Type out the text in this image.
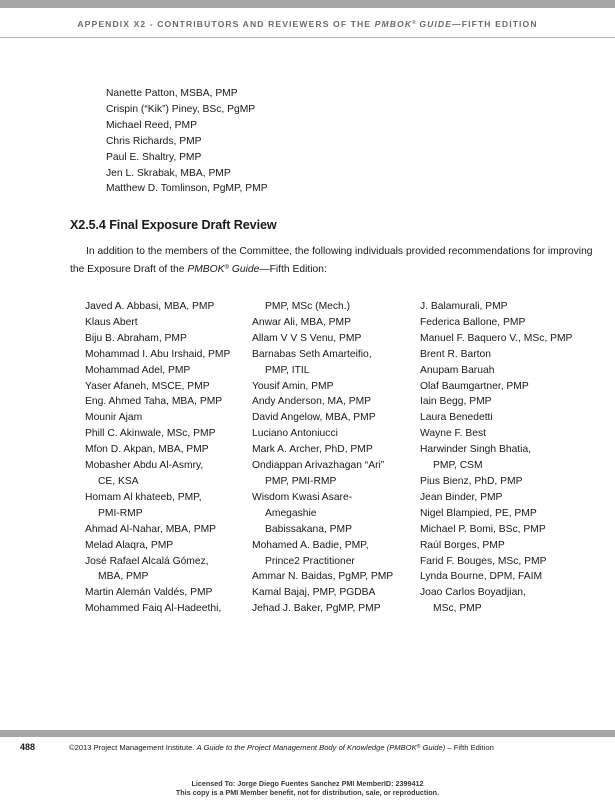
APPENDIX X2 - CONTRIBUTORS AND REVIEWERS OF THE PMBOK® GUIDE—FIFTH EDITION
Nanette Patton, MSBA, PMP
Crispin (“Kik”) Piney, BSc, PgMP
Michael Reed, PMP
Chris Richards, PMP
Paul E. Shaltry, PMP
Jen L. Skrabak, MBA, PMP
Matthew D. Tomlinson, PgMP, PMP
X2.5.4 Final Exposure Draft Review
In addition to the members of the Committee, the following individuals provided recommendations for improving
the Exposure Draft of the PMBOK® Guide—Fifth Edition:
Javed A. Abbasi, MBA, PMP
Klaus Abert
Biju B. Abraham, PMP
Mohammad I. Abu Irshaid, PMP
Mohammad Adel, PMP
Yaser Afaneh, MSCE, PMP
Eng. Ahmed Taha, MBA, PMP
Mounir Ajam
Phill C. Akinwale, MSc, PMP
Mfon D. Akpan, MBA, PMP
Mobasher Abdu Al-Asmry,
CE, KSA
Homam Al khateeb, PMP,
PMI-RMP
Ahmad Al-Nahar, MBA, PMP
Melad Alaqra, PMP
José Rafael Alcalá Gómez,
MBA, PMP
Martin Alemán Valdés, PMP
Mohammed Faiq Al-Hadeethi,
PMP, MSc (Mech.)
Anwar Ali, MBA, PMP
Allam V V S Venu, PMP
Barnabas Seth Amarteifio,
PMP, ITIL
Yousif Amin, PMP
Andy Anderson, MA, PMP
David Angelow, MBA, PMP
Luciano Antoniucci
Mark A. Archer, PhD, PMP
Ondiappan Arivazhagan “Ari”
PMP, PMI-RMP
Wisdom Kwasi Asare-
Amegashie
Babissakana, PMP
Mohamed A. Badie, PMP,
Prince2 Practitioner
Ammar N. Baidas, PgMP, PMP
Kamal Bajaj, PMP, PGDBA
Jehad J. Baker, PgMP, PMP
J. Balamurali, PMP
Federica Ballone, PMP
Manuel F. Baquero V., MSc, PMP
Brent R. Barton
Anupam Baruah
Olaf Baumgartner, PMP
Iain Begg, PMP
Laura Benedetti
Wayne F. Best
Harwinder Singh Bhatia,
PMP, CSM
Pius Bienz, PhD, PMP
Jean Binder, PMP
Nigel Blampied, PE, PMP
Michael P. Bomi, BSc, PMP
Raúl Borges, PMP
Farid F. Bouges, MSc, PMP
Lynda Bourne, DPM, FAIM
Joao Carlos Boyadjian,
MSc, PMP
488	©2013 Project Management Institute. A Guide to the Project Management Body of Knowledge (PMBOK® Guide) – Fifth Edition
Licensed To: Jorge Diego Fuentes Sanchez PMI MemberID: 2399412
This copy is a PMI Member benefit, not for distribution, sale, or reproduction.
